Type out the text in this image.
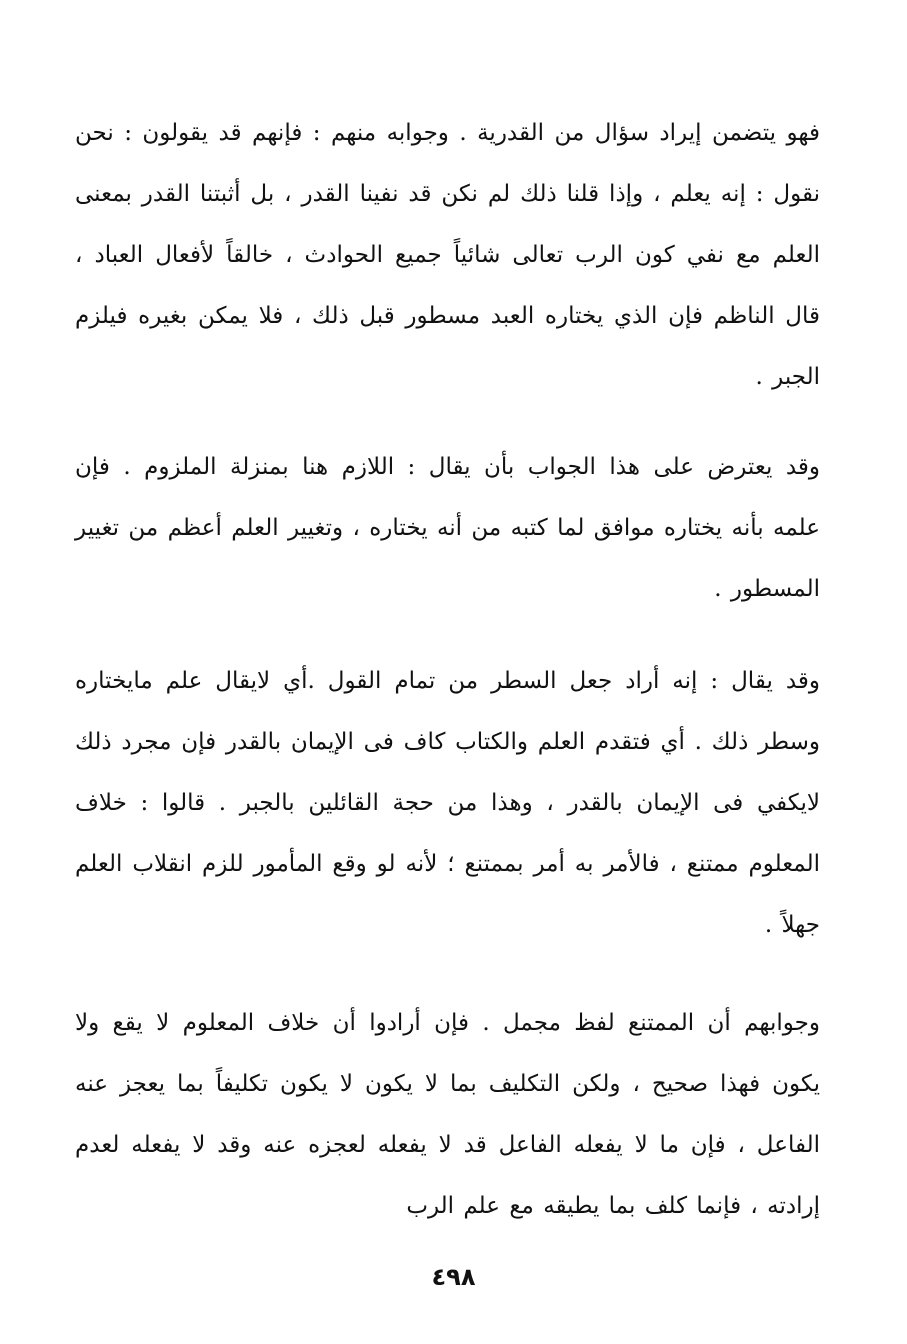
فهو يتضمن إيراد سؤال من القدرية . وجوابه منهم : فإنهم قد يقولون : نحن نقول : إنه يعلم ، وإذا قلنا ذلك لم نكن قد نفينا القدر ، بل أثبتنا القدر بمعنى العلم مع نفي كون الرب تعالى شائياً جميع الحوادث ، خالقاً لأفعال العباد ، قال الناظم فإن الذي يختاره العبد مسطور قبل ذلك ، فلا يمكن بغيره فيلزم الجبر .

وقد يعترض على هذا الجواب بأن يقال : اللازم هنا بمنزلة الملزوم . فإن علمه بأنه يختاره موافق لما كتبه من أنه يختاره ، وتغيير العلم أعظم من تغيير المسطور .

وقد يقال : إنه أراد جعل السطر من تمام القول .أي لايقال علم مايختاره وسطر ذلك . أي فتقدم العلم والكتاب كاف فى الإيمان بالقدر فإن مجرد ذلك لايكفي فى الإيمان بالقدر ، وهذا من حجة القائلين بالجبر . قالوا : خلاف المعلوم ممتنع ، فالأمر به أمر بممتنع ؛ لأنه لو وقع المأمور للزم انقلاب العلم جهلاً .

وجوابهم أن الممتنع لفظ مجمل . فإن أرادوا أن خلاف المعلوم لا يقع ولا يكون فهذا صحيح ، ولكن التكليف بما لا يكون لا يكون تكليفاً بما يعجز عنه الفاعل ، فإن ما لا يفعله الفاعل قد لا يفعله لعجزه عنه وقد لا يفعله لعدم إرادته ، فإنما كلف بما يطيقه مع علم الرب

٤٩٨
